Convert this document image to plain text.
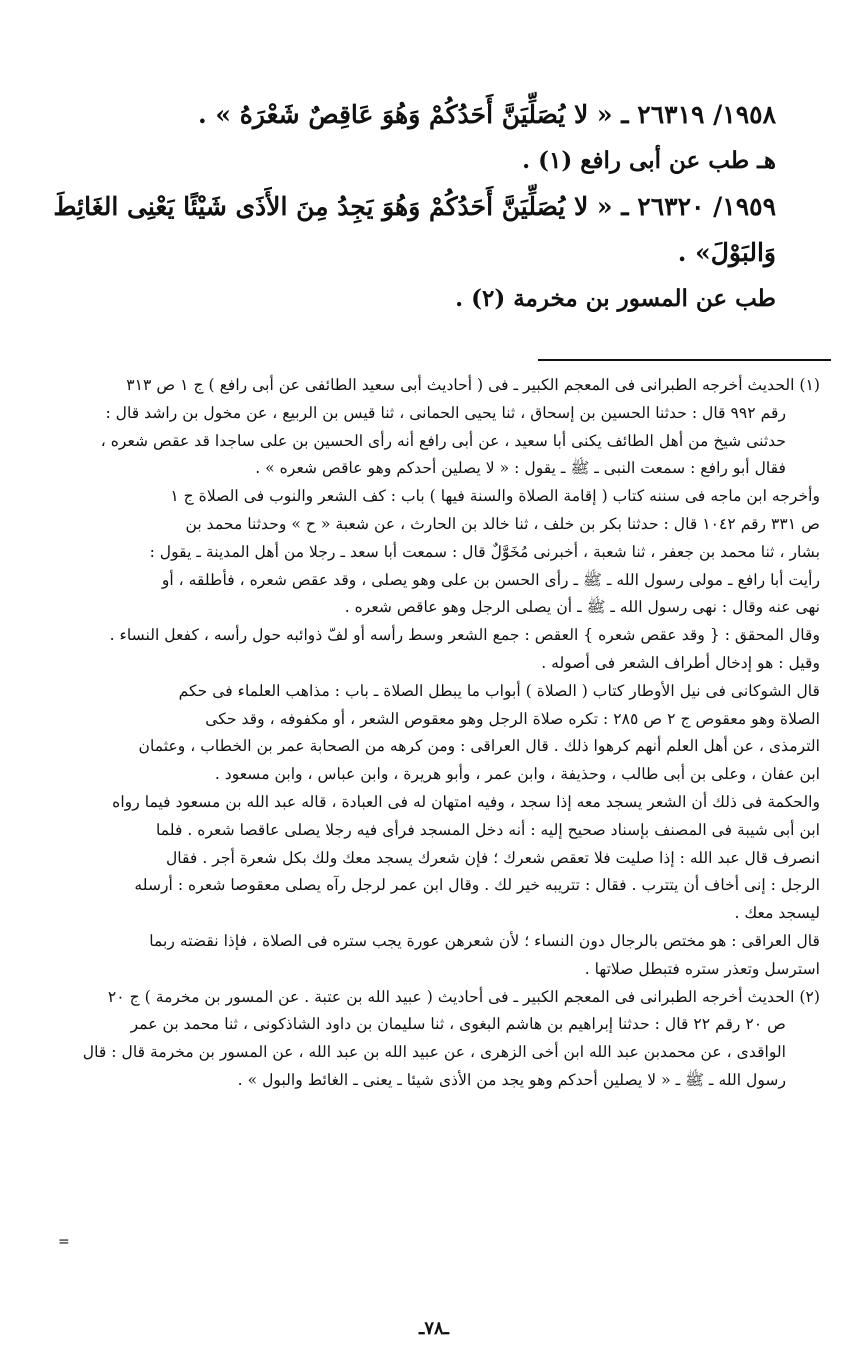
١٩٥٨/ ٢٦٣١٩ ـ « لا يُصَلِّيَنَّ أَحَدُكُمْ وَهُوَ عَاقِصٌ شَعْرَهُ » .
هـ طب عن أبى رافع (١) .
١٩٥٩/ ٢٦٣٢٠ ـ « لا يُصَلِّيَنَّ أَحَدُكُمْ وَهُوَ يَجِدُ مِنَ الأَذَى شَيْئًا يَعْنِى الغَائِطَ
وَالبَوْلَ» .
طب عن المسور بن مخرمة (٢) .
(١) الحديث أخرجه الطبرانى فى المعجم الكبير ـ فى ( أحاديث أبى سعيد الطائفى عن أبى رافع ) ج ١ ص ٣١٣
رقم ٩٩٢ قال : حدثنا الحسين بن إسحاق ، ثنا يحيى الحمانى ، ثنا قيس بن الربيع ، عن مخول بن راشد قال :
حدثنى شيخ من أهل الطائف يكنى أبا سعيد ، عن أبى رافع أنه رأى الحسين بن على ساجدا قد عقص شعره ،
فقال أبو رافع : سمعت النبى ـ ﷺ ـ يقول : « لا يصلين أحدكم وهو عاقص شعره » .
وأخرجه ابن ماجه فى سننه كتاب ( إقامة الصلاة والسنة فيها ) باب : كف الشعر والنوب فى الصلاة ج ١
ص ٣٣١ رقم ١٠٤٢ قال : حدثنا بكر بن خلف ، ثنا خالد بن الحارث ، عن شعبة « ح » وحدثنا محمد بن
بشار ، ثنا محمد بن جعفر ، ثنا شعبة ، أخبرنى مُخَوَّلٌ قال : سمعت أبا سعد ـ رجلا من أهل المدينة ـ يقول :
رأيت أبا رافع ـ مولى رسول الله ـ ﷺ ـ رأى الحسن بن على وهو يصلى ، وقد عقص شعره ، فأطلقه ، أو
نهى عنه وقال : نهى رسول الله ـ ﷺ ـ أن يصلى الرجل وهو عاقص شعره .
وقال المحقق : { وقد عقص شعره } العقص : جمع الشعر وسط رأسه أو لفّ ذوائبه حول رأسه ، كفعل النساء .
وقيل : هو إدخال أطراف الشعر فى أصوله .
قال الشوكانى فى نيل الأوطار كتاب ( الصلاة ) أبواب ما يبطل الصلاة ـ باب : مذاهب العلماء فى حكم
الصلاة وهو معقوص ج ٢ ص ٢٨٥ : تكره صلاة الرجل وهو معقوص الشعر ، أو مكفوفه ، وقد حكى
الترمذى ، عن أهل العلم أنهم كرهوا ذلك . قال العراقى : ومن كرهه من الصحابة عمر بن الخطاب ، وعثمان
ابن عفان ، وعلى بن أبى طالب ، وحذيفة ، وابن عمر ، وأبو هريرة ، وابن عباس ، وابن مسعود .
والحكمة فى ذلك أن الشعر يسجد معه إذا سجد ، وفيه امتهان له فى العبادة ، قاله عبد الله بن مسعود فيما رواه
ابن أبى شيبة فى المصنف بإسناد صحيح إليه : أنه دخل المسجد فرأى فيه رجلا يصلى عاقصا شعره . فلما
انصرف قال عبد الله : إذا صليت فلا تعقص شعرك ؛ فإن شعرك يسجد معك ولك بكل شعرة أجر . فقال
الرجل : إنى أخاف أن يتترب . فقال : تتريبه خير لك . وقال ابن عمر لرجل رآه يصلى معقوصا شعره : أرسله
ليسجد معك .
قال العراقى : هو مختص بالرجال دون النساء ؛ لأن شعرهن عورة يجب ستره فى الصلاة ، فإذا نقضته ربما
استرسل وتعذر ستره فتبطل صلاتها .
(٢) الحديث أخرجه الطبرانى فى المعجم الكبير ـ فى أحاديث ( عبيد الله بن عتبة . عن المسور بن مخرمة ) ج ٢٠
ص ٢٠ رقم ٢٢ قال : حدثنا إبراهيم بن هاشم البغوى ، ثنا سليمان بن داود الشاذكونى ، ثنا محمد بن عمر
الواقدى ، عن محمدبن عبد الله ابن أخى الزهرى ، عن عبيد الله بن عبد الله ، عن المسور بن مخرمة قال : قال
رسول الله ـ ﷺ ـ « لا يصلين أحدكم وهو يجد من الأذى شيئا ـ يعنى ـ الغائط والبول » .
=
ـ٧٨ـ
